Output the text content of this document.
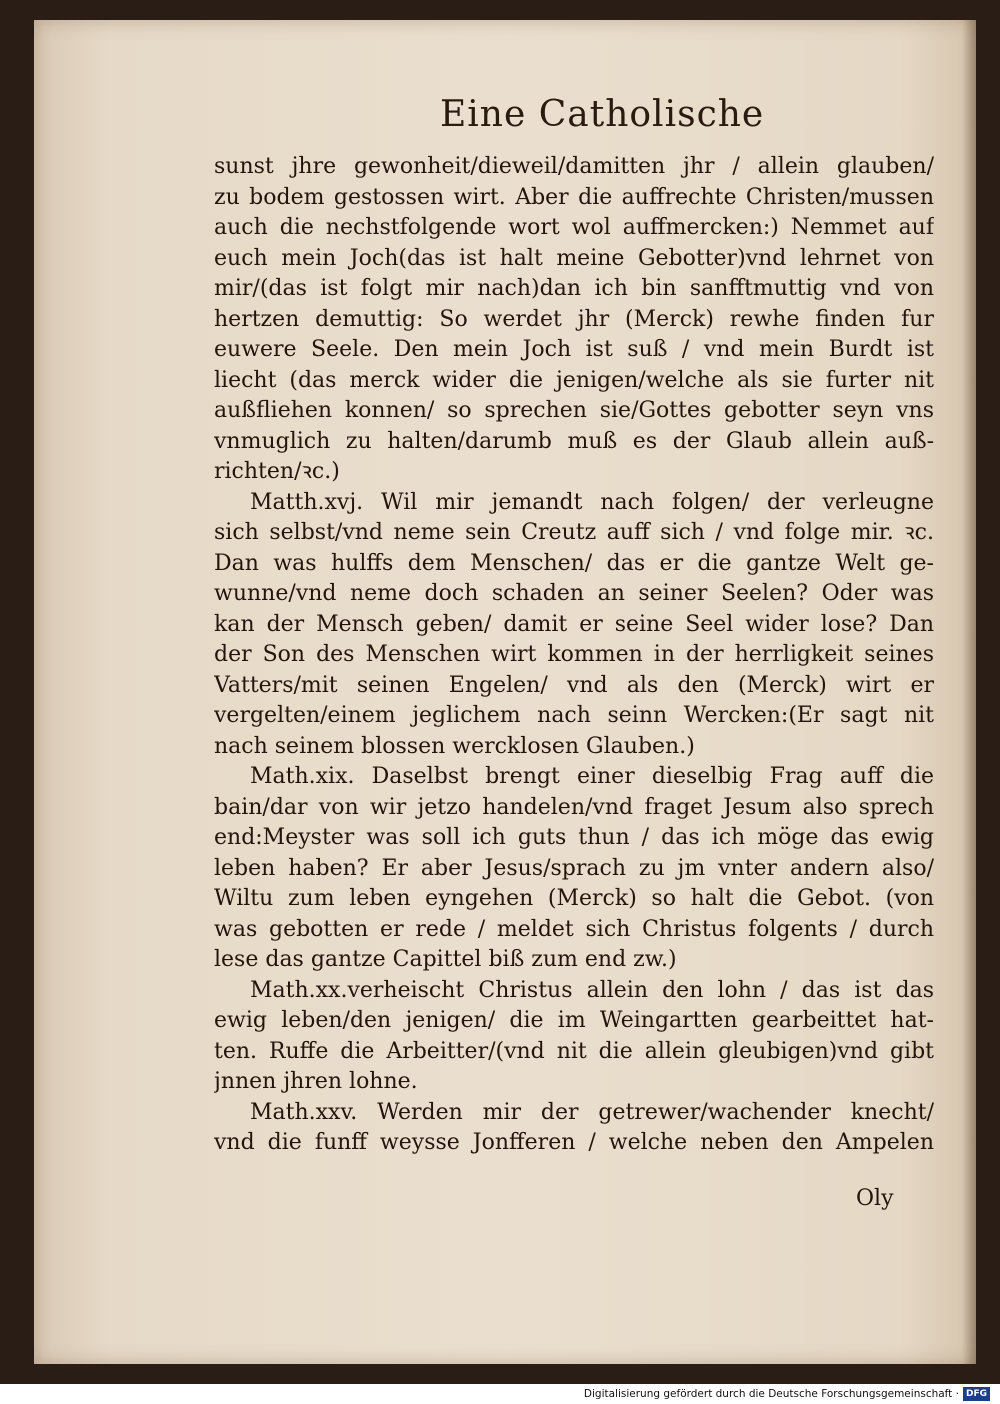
Eine Catholische
sunst jhre gewonheit/dieweil/damitten jhr / allein glauben/
zu bodem gestossen wirt. Aber die auffrechte Christen/mussen
auch die nechstfolgende wort wol auffmercken:) Nemmet auf
euch mein Joch(das ist halt meine Gebotter)vnd lehrnet von
mir/(das ist folgt mir nach)dan ich bin sanfftmuttig vnd von
hertzen demuttig: So werdet jhr (Merck) rewhe finden fur
euwere Seele. Den mein Joch ist suß / vnd mein Burdt ist
liecht (das merck wider die jenigen/welche als sie furter nit
außfliehen konnen/ so sprechen sie/Gottes gebotter seyn vns
vnmuglich zu halten/darumb muß es der Glaub allein auß-
richten/ꝛc.)
Matth.xvj. Wil mir jemandt nach folgen/ der verleugne
sich selbst/vnd neme sein Creutz auff sich / vnd folge mir. ꝛc.
Dan was hulffs dem Menschen/ das er die gantze Welt ge-
wunne/vnd neme doch schaden an seiner Seelen? Oder was
kan der Mensch geben/ damit er seine Seel wider lose? Dan
der Son des Menschen wirt kommen in der herrligkeit seines
Vatters/mit seinen Engelen/ vnd als den (Merck) wirt er
vergelten/einem jeglichem nach seinn Wercken:(Er sagt nit
nach seinem blossen wercklosen Glauben.)
Math.xix. Daselbst brengt einer dieselbig Frag auff die
bain/dar von wir jetzo handelen/vnd fraget Jesum also sprech
end:Meyster was soll ich guts thun / das ich möge das ewig
leben haben? Er aber Jesus/sprach zu jm vnter andern also/
Wiltu zum leben eyngehen (Merck) so halt die Gebot. (von
was gebotten er rede / meldet sich Christus folgents / durch
lese das gantze Capittel biß zum end zw.)
Math.xx.verheischt Christus allein den lohn / das ist das
ewig leben/den jenigen/ die im Weingartten gearbeittet hat-
ten. Ruffe die Arbeitter/(vnd nit die allein gleubigen)vnd gibt
jnnen jhren lohne.
Math.xxv. Werden mir der getrewer/wachender knecht/
vnd die funff weysse Jonfferen / welche neben den Ampelen
Oly
Digitalisierung gefördert durch die Deutsche Forschungsgemeinschaft · DFG
